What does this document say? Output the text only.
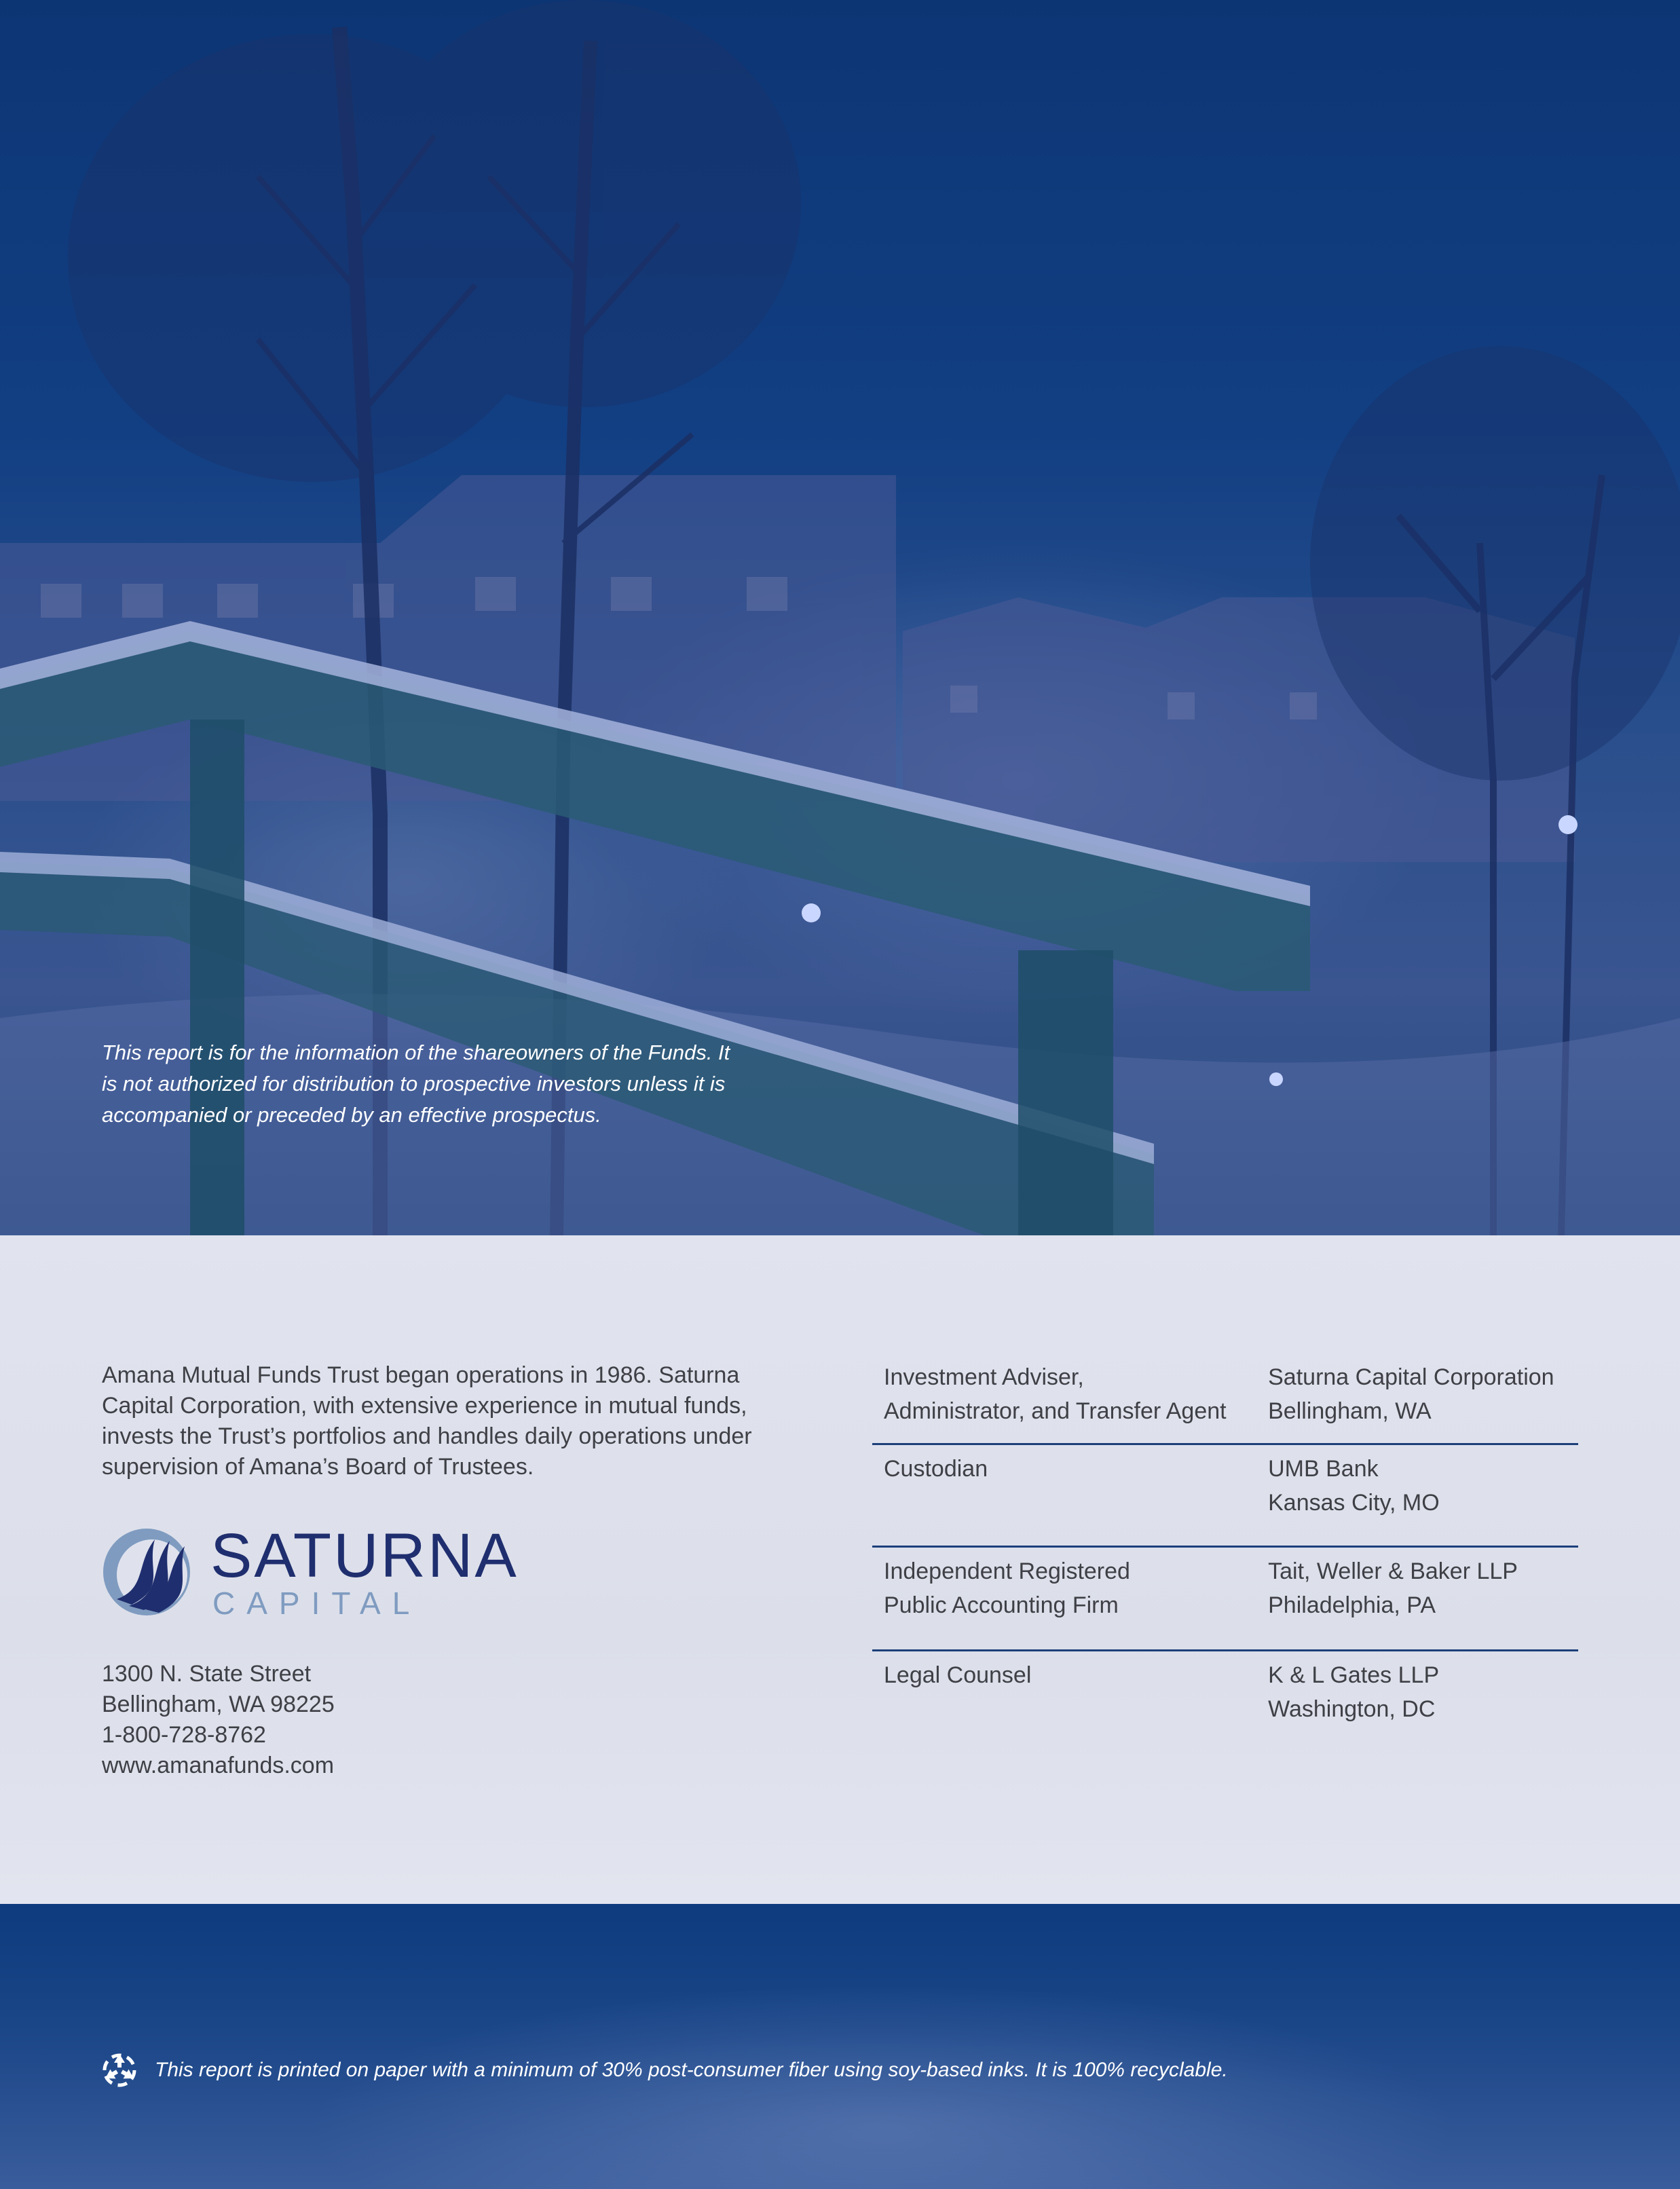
This report is for the information of the shareowners of the Funds. It
is not authorized for distribution to prospective investors unless it is
accompanied or preceded by an effective prospectus.

Amana Mutual Funds Trust began operations in 1986. Saturna
Capital Corporation, with extensive experience in mutual funds,
invests the Trust’s portfolios and handles daily operations under
supervision of Amana’s Board of Trustees.

SATURNA

CAPITAL

1300 N. State Street
Bellingham, WA 98225
1-800-728-8762
www.amanafunds.com
Investment Adviser,
Administrator, and Transfer Agent
Saturna Capital Corporation
Bellingham, WA
Custodian	UMB Bank
Kansas City, MO
Independent Registered
Public Accounting Firm
Tait, Weller & Baker LLP
Philadelphia, PA
Legal Counsel	K & L Gates LLP
Washington, DC

This report is printed on paper with a minimum of 30% post-consumer fiber using soy-based inks. It is 100% recyclable.
